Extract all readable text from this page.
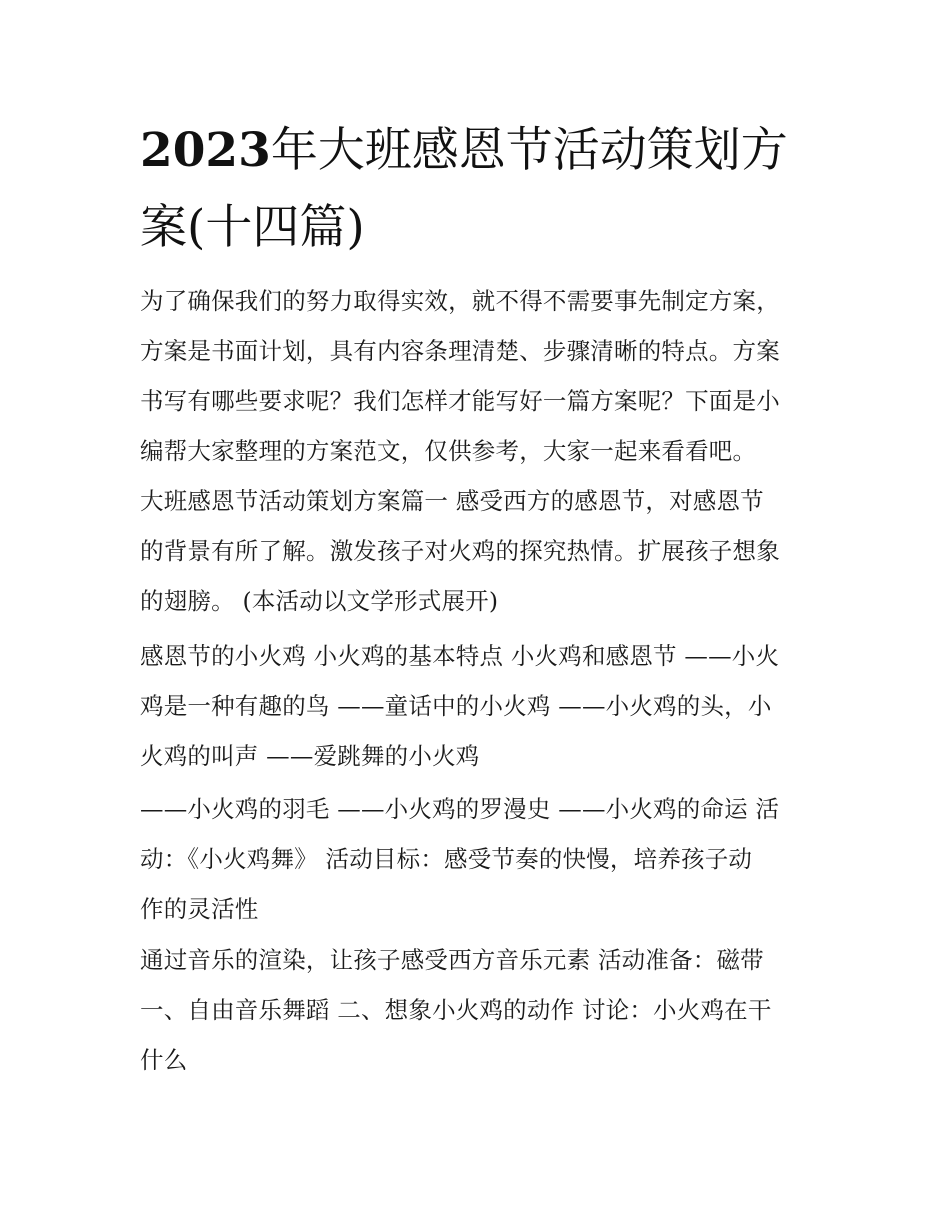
2023年大班感恩节活动策划方
案(十四篇)
为了确保我们的努力取得实效，就不得不需要事先制定方案，
方案是书面计划，具有内容条理清楚、步骤清晰的特点。方案
书写有哪些要求呢？我们怎样才能写好一篇方案呢？下面是小
编帮大家整理的方案范文，仅供参考，大家一起来看看吧。
大班感恩节活动策划方案篇一 感受西方的感恩节，对感恩节
的背景有所了解。激发孩子对火鸡的探究热情。扩展孩子想象
的翅膀。 (本活动以文学形式展开)
感恩节的小火鸡 小火鸡的基本特点 小火鸡和感恩节 ——小火
鸡是一种有趣的鸟 ——童话中的小火鸡 ——小火鸡的头，小
火鸡的叫声 ——爱跳舞的小火鸡
——小火鸡的羽毛 ——小火鸡的罗漫史 ——小火鸡的命运 活
动：《小火鸡舞》 活动目标：感受节奏的快慢，培养孩子动
作的灵活性
通过音乐的渲染，让孩子感受西方音乐元素 活动准备：磁带
一、自由音乐舞蹈 二、想象小火鸡的动作 讨论：小火鸡在干
什么
